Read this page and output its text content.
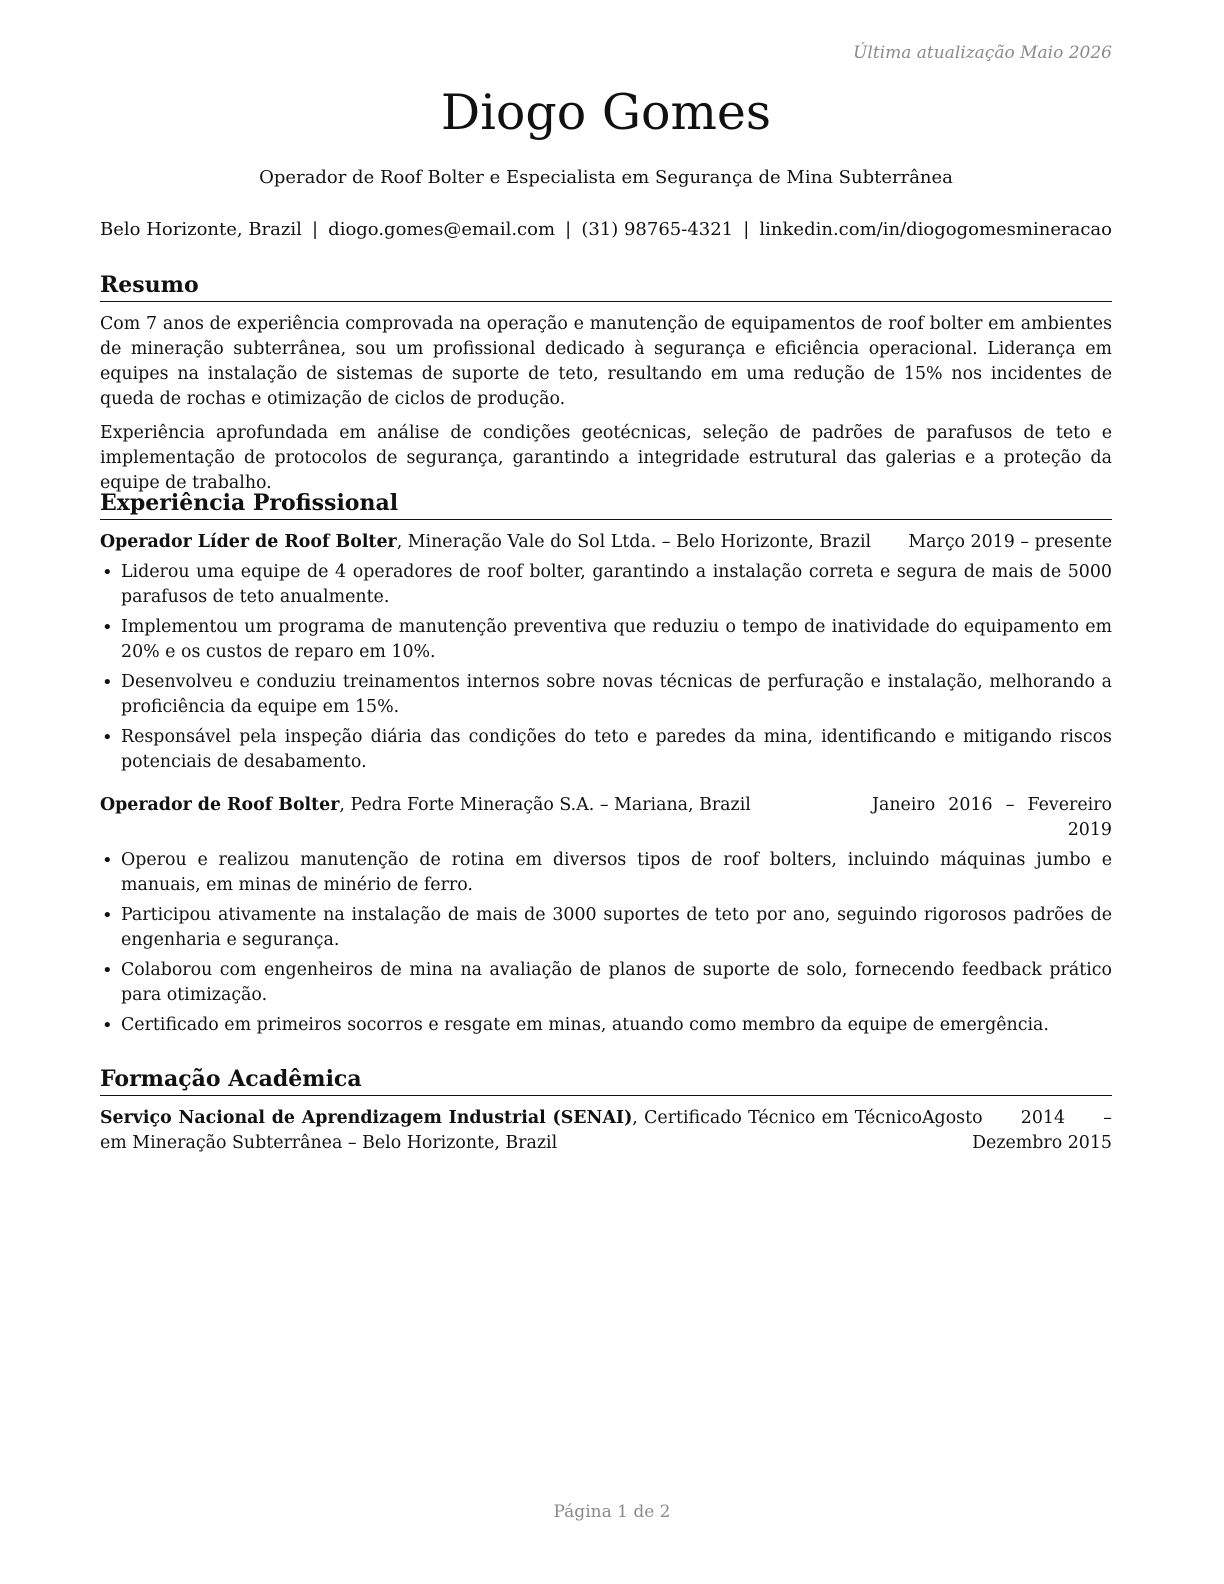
Última atualização Maio 2026
Diogo Gomes
Operador de Roof Bolter e Especialista em Segurança de Mina Subterrânea
Belo Horizonte, Brazil | diogo.gomes@email.com | (31) 98765-4321 | linkedin.com/in/diogogomesmineracao
Resumo

Com 7 anos de experiência comprovada na operação e manutenção de equipamentos de roof bolter em ambientes de mineração subterrânea, sou um profissional dedicado à segurança e eficiência operacional. Liderança em equipes na instalação de sistemas de suporte de teto, resultando em uma redução de 15% nos incidentes de queda de rochas e otimização de ciclos de produção.

Experiência aprofundada em análise de condições geotécnicas, seleção de padrões de parafusos de teto e implementação de protocolos de segurança, garantindo a integridade estrutural das galerias e a proteção da equipe de trabalho.

Experiência Profissional
Operador Líder de Roof Bolter, Mineração Vale do Sol Ltda. – Belo Horizonte, Brazil	Março 2019 – presente
• Liderou uma equipe de 4 operadores de roof bolter, garantindo a instalação correta e segura de mais de 5000 parafusos de teto anualmente.
• Implementou um programa de manutenção preventiva que reduziu o tempo de inatividade do equipamento em 20% e os custos de reparo em 10%.
• Desenvolveu e conduziu treinamentos internos sobre novas técnicas de perfuração e instalação, melhorando a proficiência da equipe em 15%.
• Responsável pela inspeção diária das condições do teto e paredes da mina, identificando e mitigando riscos potenciais de desabamento.
Operador de Roof Bolter, Pedra Forte Mineração S.A. – Mariana, Brazil	Janeiro 2016 – Fevereiro 2019
• Operou e realizou manutenção de rotina em diversos tipos de roof bolters, incluindo máquinas jumbo e manuais, em minas de minério de ferro.
• Participou ativamente na instalação de mais de 3000 suportes de teto por ano, seguindo rigorosos padrões de engenharia e segurança.
• Colaborou com engenheiros de mina na avaliação de planos de suporte de solo, fornecendo feedback prático para otimização.
• Certificado em primeiros socorros e resgate em minas, atuando como membro da equipe de emergência.
Formação Acadêmica
Serviço Nacional de Aprendizagem Industrial (SENAI), Certificado Técnico em Técnico em Mineração Subterrânea – Belo Horizonte, Brazil
Agosto 2014 – Dezembro 2015
Página 1 de 2
